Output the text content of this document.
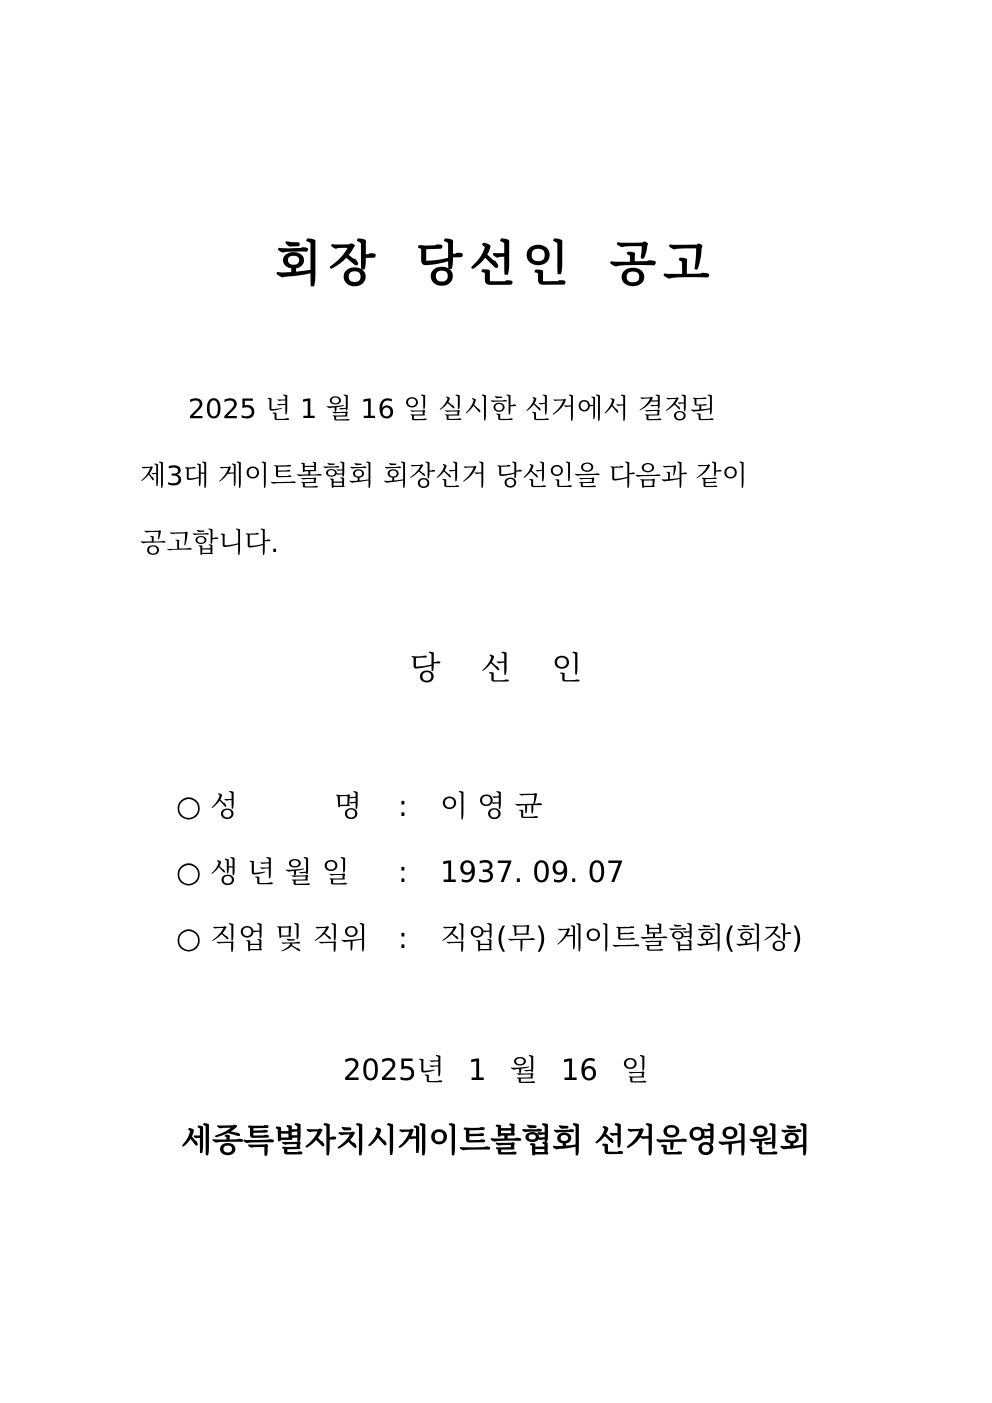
회장 당선인 공고
2025 년 1 월 16 일 실시한 선거에서 결정된
제3대 게이트볼협회 회장선거 당선인을 다음과 같이
공고합니다.
당선인
○ 성	명	: 이 영 균
○ 생 년 월 일	: 1937. 09. 07
○ 직업 및 직위	: 직업(무) 게이트볼협회(회장)
2025년 1 월 16 일
세종특별자치시게이트볼협회 선거운영위원회
